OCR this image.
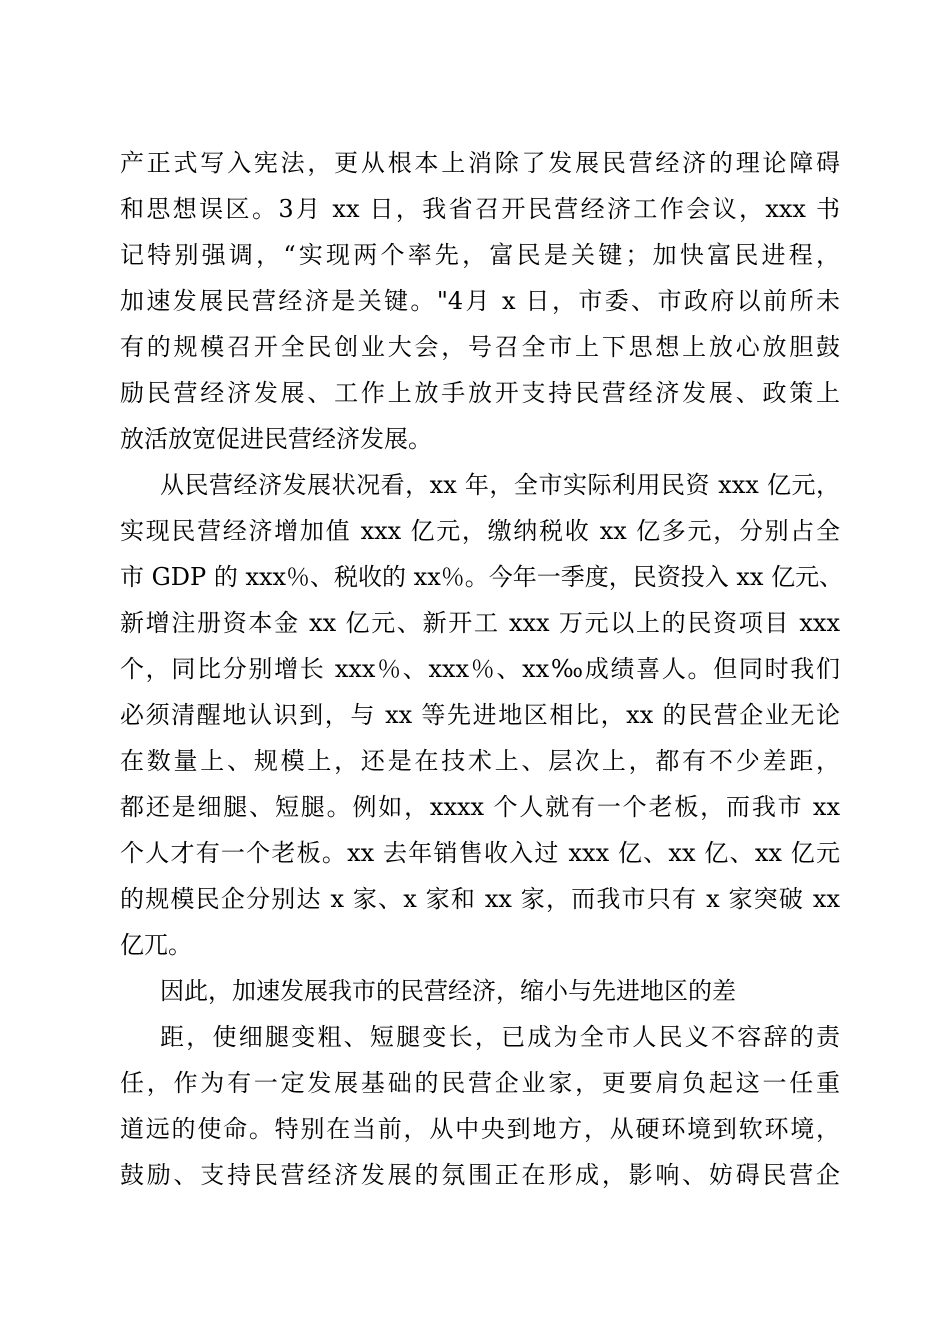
产正式写入宪法，更从根本上消除了发展民营经济的理论障碍
和思想误区。3月 xx 日，我省召开民营经济工作会议，xxx 书
记特别强调，“实现两个率先，富民是关键；加快富民进程，
加速发展民营经济是关键。"4月 x 日，市委、市政府以前所未
有的规模召开全民创业大会，号召全市上下思想上放心放胆鼓
励民营经济发展、工作上放手放开支持民营经济发展、政策上
放活放宽促进民营经济发展。
从民营经济发展状况看，xx 年，全市实际利用民资 xxx 亿元，
实现民营经济增加值 xxx 亿元，缴纳税收 xx 亿多元，分别占全
市 GDP 的 xxx％、税收的 xx％。今年一季度，民资投入 xx 亿元、
新增注册资本金 xx 亿元、新开工 xxx 万元以上的民资项目 xxx
个，同比分别增长 xxx％、xxx％、xx‰成绩喜人。但同时我们
必须清醒地认识到，与 xx 等先进地区相比，xx 的民营企业无论
在数量上、规模上，还是在技术上、层次上，都有不少差距，
都还是细腿、短腿。例如，xxxx 个人就有一个老板，而我市 xx
个人才有一个老板。xx 去年销售收入过 xxx 亿、xx 亿、xx 亿元
的规模民企分别达 x 家、x 家和 xx 家，而我市只有 x 家突破 xx
亿兀。
因此，加速发展我市的民营经济，缩小与先进地区的差
距，使细腿变粗、短腿变长，已成为全市人民义不容辞的责
任，作为有一定发展基础的民营企业家，更要肩负起这一任重
道远的使命。特别在当前，从中央到地方，从硬环境到软环境，
鼓励、支持民营经济发展的氛围正在形成，影响、妨碍民营企
